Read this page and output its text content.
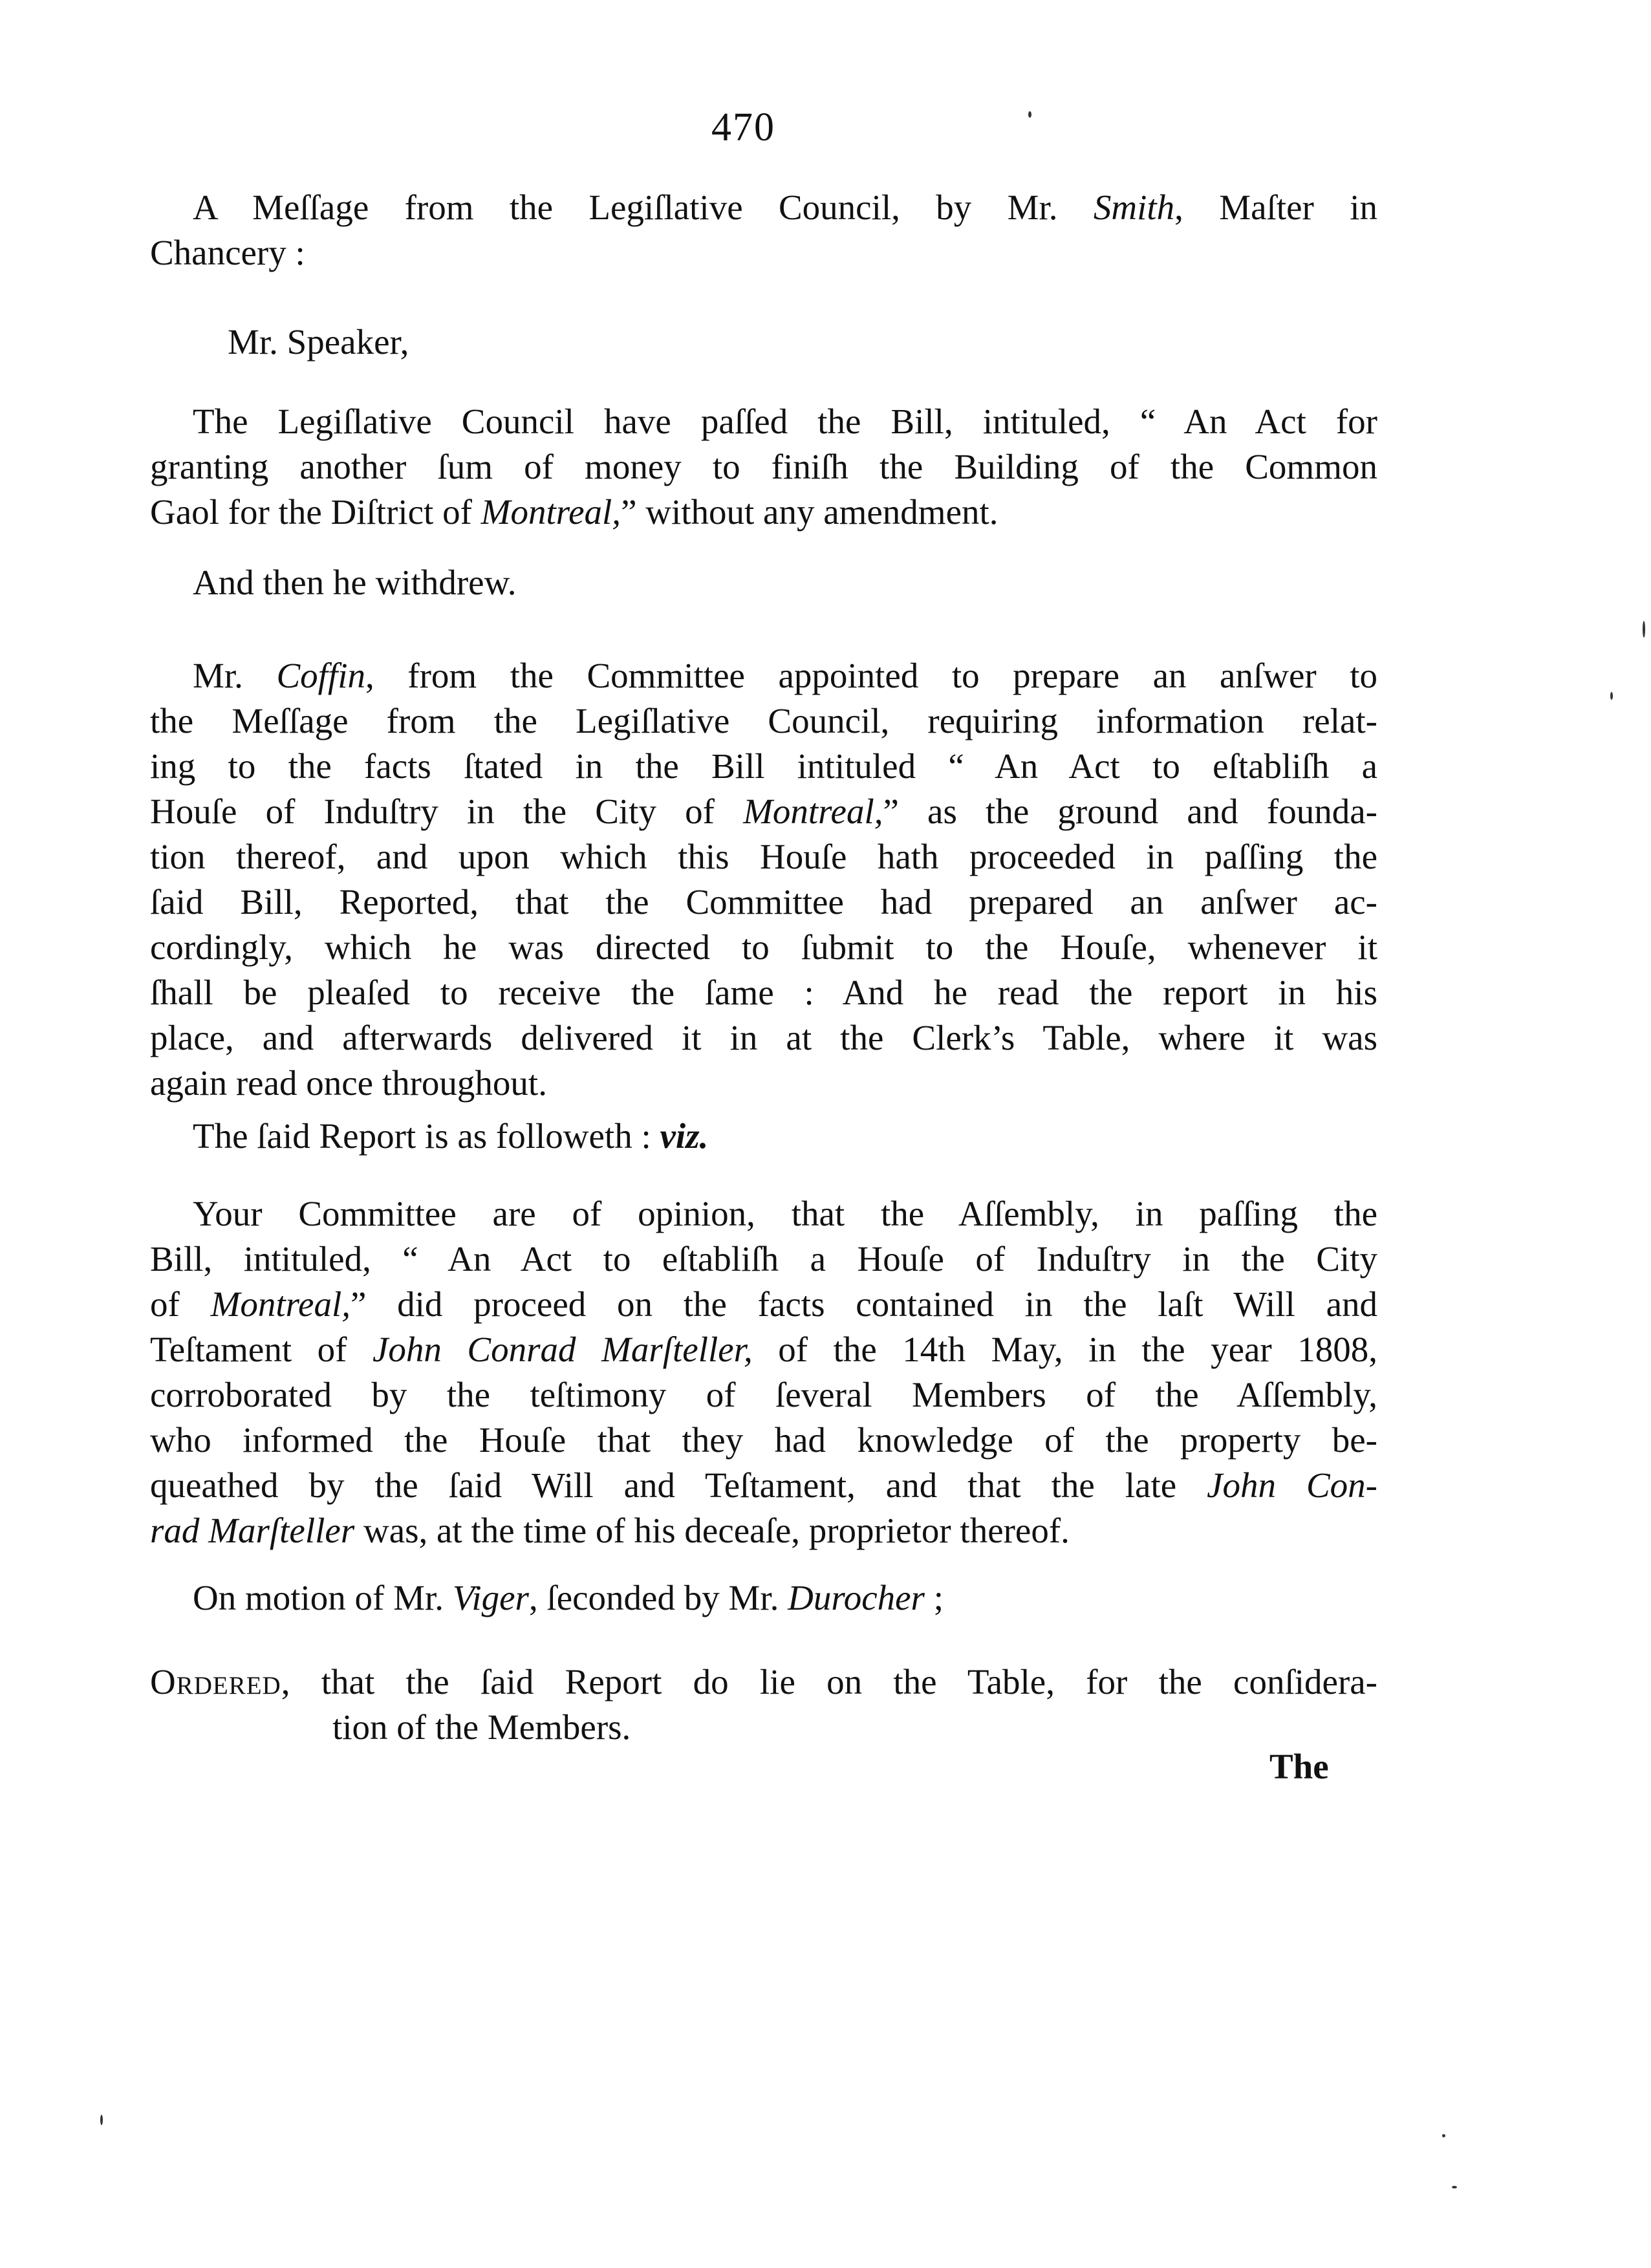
470
A Meſſage from the Legiſlative Council, by Mr. Smith, Maſter in
Chancery :
Mr. Speaker,
The Legiſlative Council have paſſed the Bill, intituled, “ An Act for
granting another ſum of money to finiſh the Building of the Common
Gaol for the Diſtrict of Montreal,” without any amendment.
And then he withdrew.
Mr. Coffin, from the Committee appointed to prepare an anſwer to
the Meſſage from the Legiſlative Council, requiring information relat-
ing to the facts ſtated in the Bill intituled “ An Act to eſtabliſh a
Houſe of Induſtry in the City of Montreal,” as the ground and founda-
tion thereof, and upon which this Houſe hath proceeded in paſſing the
ſaid Bill, Reported, that the Committee had prepared an anſwer ac-
cordingly, which he was directed to ſubmit to the Houſe, whenever it
ſhall be pleaſed to receive the ſame : And he read the report in his
place, and afterwards delivered it in at the Clerk’s Table, where it was
again read once throughout.
The ſaid Report is as followeth : viz.
Your Committee are of opinion, that the Aſſembly, in paſſing the
Bill, intituled, “ An Act to eſtabliſh a Houſe of Induſtry in the City
of Montreal,” did proceed on the facts contained in the laſt Will and
Teſtament of John Conrad Marſteller, of the 14th May, in the year 1808,
corroborated by the teſtimony of ſeveral Members of the Aſſembly,
who informed the Houſe that they had knowledge of the property be-
queathed by the ſaid Will and Teſtament, and that the late John Con-
rad Marſteller was, at the time of his deceaſe, proprietor thereof.
On motion of Mr. Viger, ſeconded by Mr. Durocher ;
Ordered, that the ſaid Report do lie on the Table, for the conſidera-
tion of the Members.
The
